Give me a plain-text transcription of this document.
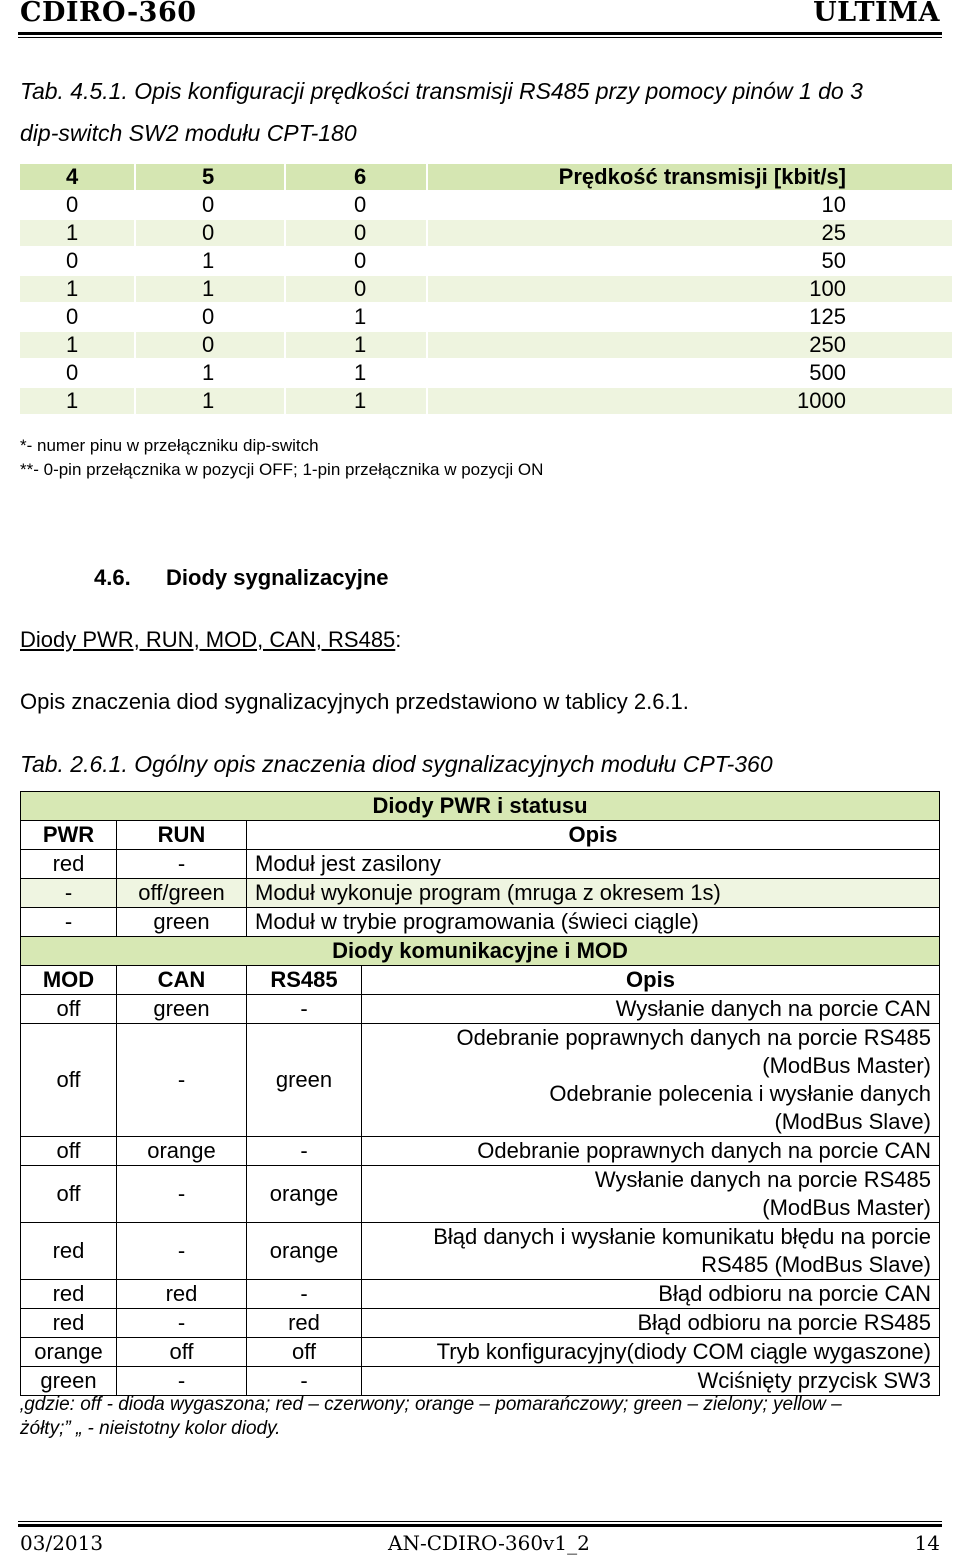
CDIRO-360	ULTIMA
Tab. 4.5.1. Opis konfiguracji prędkości transmisji RS485 przy pomocy pinów 1 do 3
dip-switch SW2 modułu CPT-180
4	5	6	Prędkość transmisji [kbit/s]
0	0	0	10
1	0	0	25
0	1	0	50
1	1	0	100
0	0	1	125
1	0	1	250
0	1	1	500
1	1	1	1000
*- numer pinu w przełączniku dip-switch
**- 0-pin przełącznika w pozycji OFF; 1-pin przełącznika w pozycji ON
4.6. Diody sygnalizacyjne
Diody PWR, RUN, MOD, CAN, RS485:
Opis znaczenia diod sygnalizacyjnych przedstawiono w tablicy 2.6.1.
Tab. 2.6.1. Ogólny opis znaczenia diod sygnalizacyjnych modułu CPT-360
Diody PWR i statusu			
PWR	RUN	Opis	
red	-	Moduł jest zasilony	
-	off/green	Moduł wykonuje program (mruga z okresem 1s)	
-	green	Moduł w trybie programowania (świeci ciągle)	
Diody komunikacyjne i MOD			
MOD	CAN	RS485	Opis
off	green	-	Wysłanie danych na porcie CAN

off	-	green	Odebranie poprawnych danych na porcie RS485
(ModBus Master)
Odebranie polecenia i wysłanie danych
(ModBus Slave)

off	orange	-	Odebranie poprawnych danych na porcie CAN

off	-	orange	Wysłanie danych na porcie RS485
(ModBus Master)

red	-	orange	Błąd danych i wysłanie komunikatu błędu na porcie
RS485 (ModBus Slave)

red	red	-	Błąd odbioru na porcie CAN

red	-	red	Błąd odbioru na porcie RS485

orange	off	off	Tryb konfiguracyjny(diody COM ciągle wygaszone)

green	-	-	Wciśnięty przycisk SW3
‚gdzie: off - dioda wygaszona; red – czerwony; orange – pomarańczowy; green – zielony; yellow –
żółty;” „ - nieistotny kolor diody.
03/2013	AN-CDIRO-360v1_2	14
